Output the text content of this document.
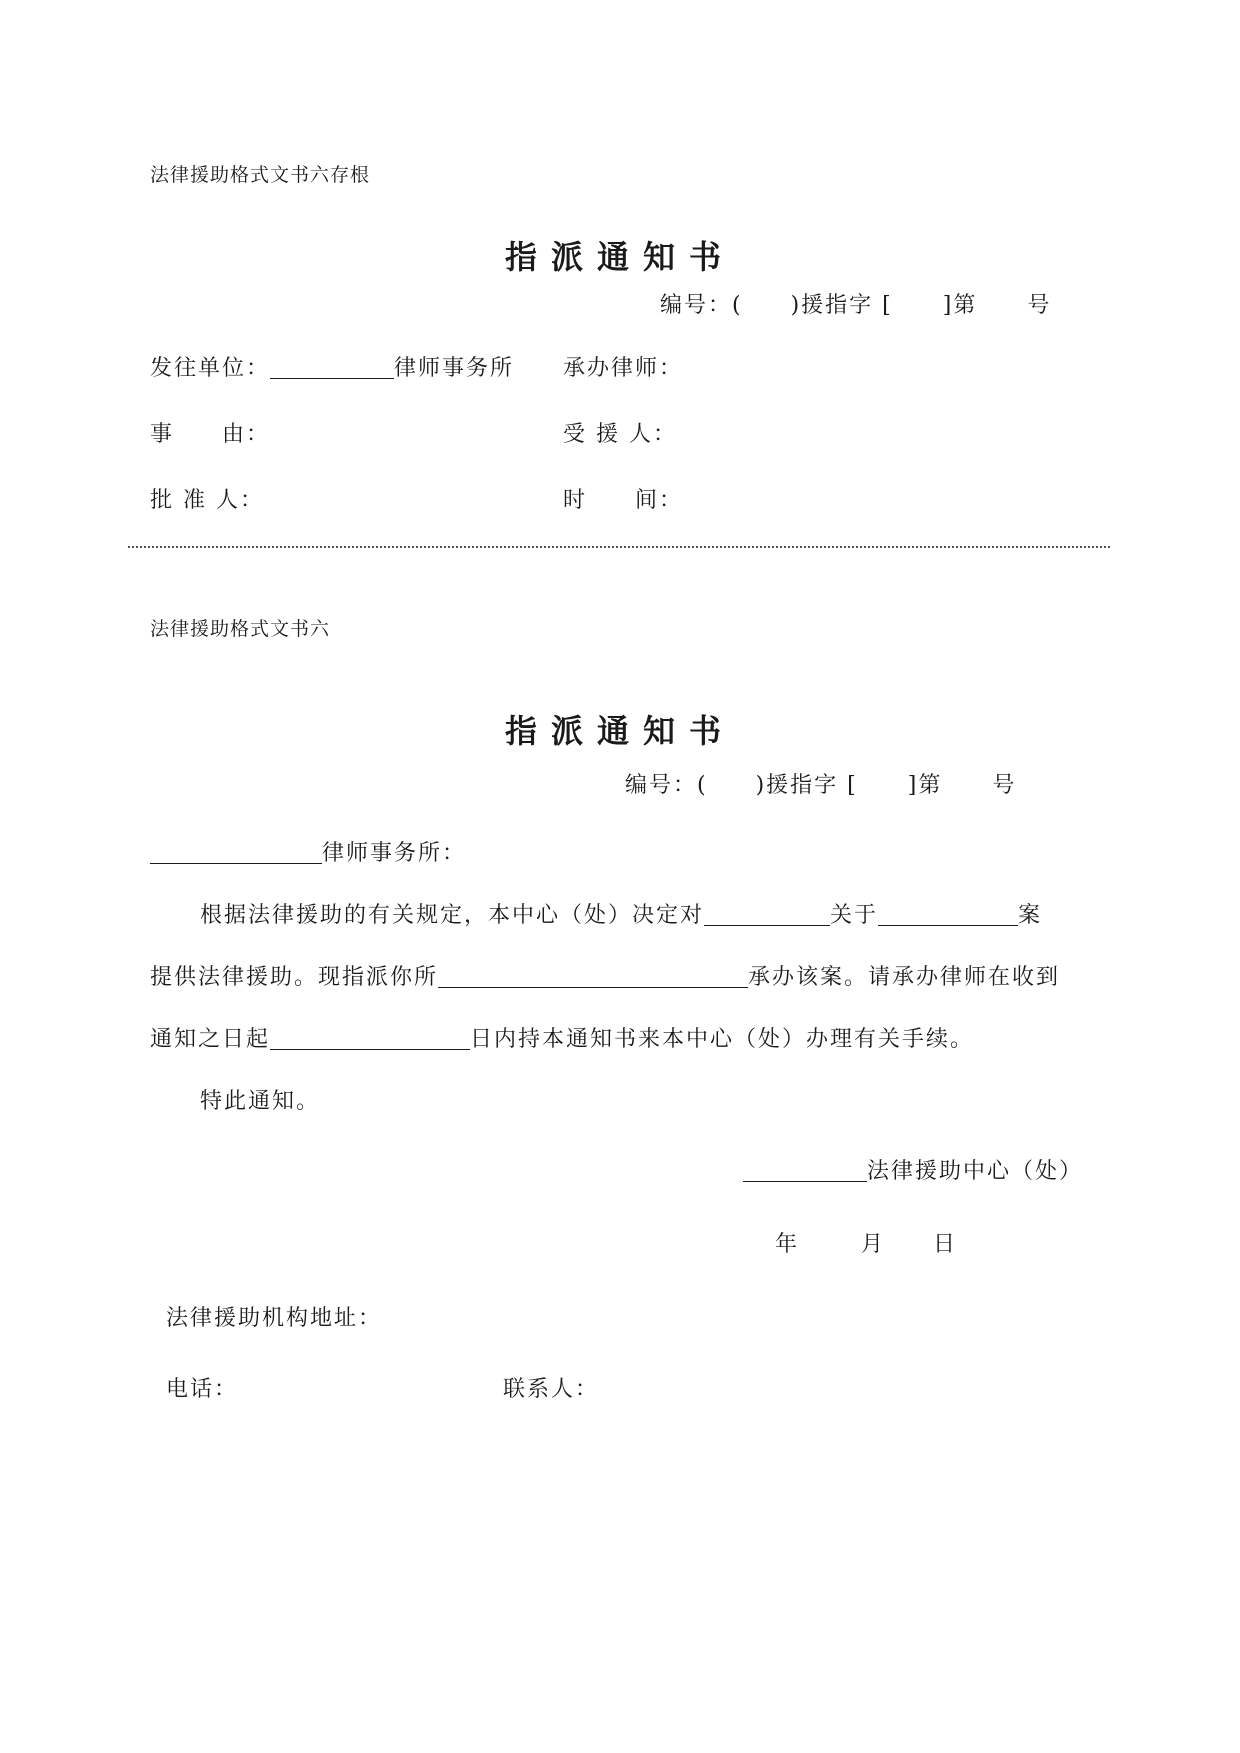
法律援助格式文书六存根
指派通知书
编号：( )援指字 [ ]第 号
发往单位：	律师事务所 承办律师：
事　　由：	受 援 人：
批 准 人：	时　　间：
法律援助格式文书六
指派通知书
编号：( )援指字 [ ]第 号
律师事务所：
根据法律援助的有关规定，本中心（处）决定对	关于	案
提供法律援助。现指派你所	承办该案。请承办律师在收到
通知之日起	日内持本通知书来本中心（处）办理有关手续。
特此通知。
法律援助中心（处）
年	月 日
法律援助机构地址：
电话：	联系人：
